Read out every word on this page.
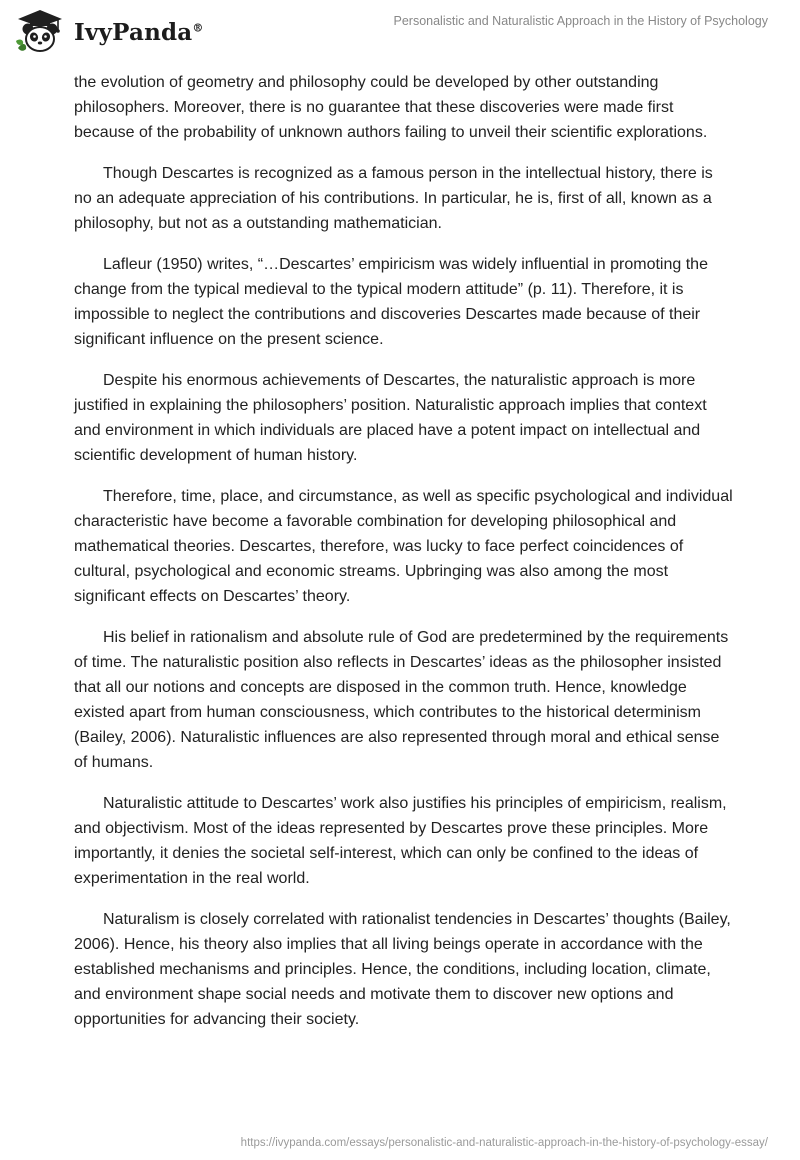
IvyPanda®	Personalistic and Naturalistic Approach in the History of Psychology

the evolution of geometry and philosophy could be developed by other outstanding philosophers. Moreover, there is no guarantee that these discoveries were made first because of the probability of unknown authors failing to unveil their scientific explorations.

Though Descartes is recognized as a famous person in the intellectual history, there is no an adequate appreciation of his contributions. In particular, he is, first of all, known as a philosophy, but not as a outstanding mathematician.

Lafleur (1950) writes, “…Descartes’ empiricism was widely influential in promoting the change from the typical medieval to the typical modern attitude” (p. 11). Therefore, it is impossible to neglect the contributions and discoveries Descartes made because of their significant influence on the present science.

Despite his enormous achievements of Descartes, the naturalistic approach is more justified in explaining the philosophers’ position. Naturalistic approach implies that context and environment in which individuals are placed have a potent impact on intellectual and scientific development of human history.

Therefore, time, place, and circumstance, as well as specific psychological and individual characteristic have become a favorable combination for developing philosophical and mathematical theories. Descartes, therefore, was lucky to face perfect coincidences of cultural, psychological and economic streams. Upbringing was also among the most significant effects on Descartes’ theory.

His belief in rationalism and absolute rule of God are predetermined by the requirements of time. The naturalistic position also reflects in Descartes’ ideas as the philosopher insisted that all our notions and concepts are disposed in the common truth. Hence, knowledge existed apart from human consciousness, which contributes to the historical determinism (Bailey, 2006). Naturalistic influences are also represented through moral and ethical sense of humans.

Naturalistic attitude to Descartes’ work also justifies his principles of empiricism, realism, and objectivism. Most of the ideas represented by Descartes prove these principles. More importantly, it denies the societal self-interest, which can only be confined to the ideas of experimentation in the real world.

Naturalism is closely correlated with rationalist tendencies in Descartes’ thoughts (Bailey, 2006). Hence, his theory also implies that all living beings operate in accordance with the established mechanisms and principles. Hence, the conditions, including location, climate, and environment shape social needs and motivate them to discover new options and opportunities for advancing their society.

https://ivypanda.com/essays/personalistic-and-naturalistic-approach-in-the-history-of-psychology-essay/
